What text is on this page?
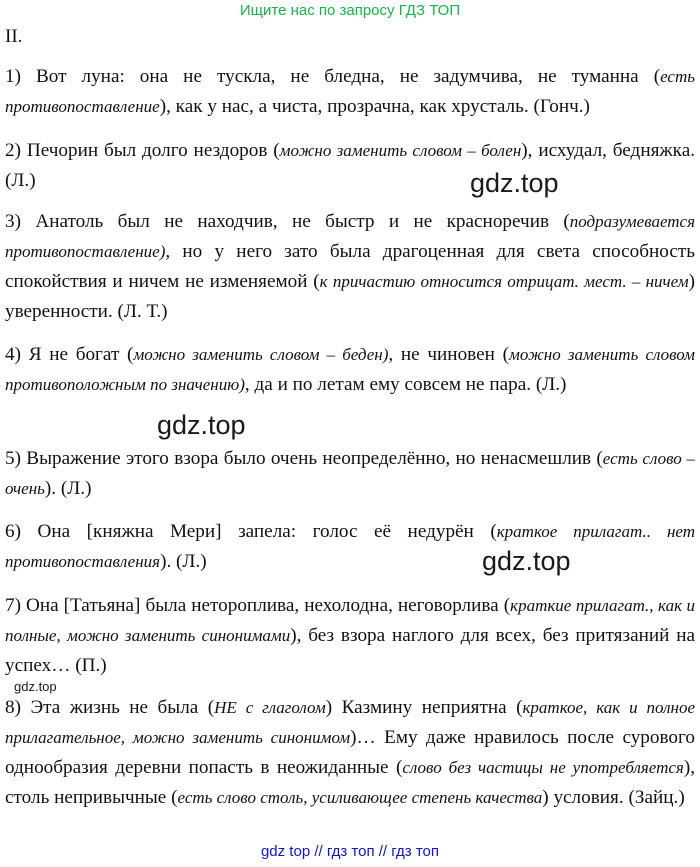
Ищите нас по запросу ГДЗ ТОП
II.
1) Вот луна: она не тускла, не бледна, не задумчива, не туманна (есть противопоставление), как у нас, а чиста, прозрачна, как хрусталь. (Гонч.)
2) Печорин был долго нездоров (можно заменить словом – болен), исхудал, бедняжка. (Л.)
3) Анатоль был не находчив, не быстр и не красноречив (подразумевается противопоставление), но у него зато была драгоценная для света способность спокойствия и ничем не изменяемой (к причастию относится отрицат. мест. – ничем) уверенности. (Л. Т.)
4) Я не богат (можно заменить словом – беден), не чиновен (можно заменить словом противоположным по значению), да и по летам ему совсем не пара. (Л.)
5) Выражение этого взора было очень неопределённо, но ненасмешлив (есть слово – очень). (Л.)
6) Она [княжна Мери] запела: голос её недурён (краткое прилагат.. нет противопоставления). (Л.)
7) Она [Татьяна] была нетороплива, нехолодна, неговорлива (краткие прилагат., как и полные, можно заменить синонимами), без взора наглого для всех, без притязаний на успех… (П.)
8) Эта жизнь не была (НЕ с глаголом) Казмину неприятна (краткое, как и полное прилагательное, можно заменить синонимом)… Ему даже нравилось после сурового однообразия деревни попасть в неожиданные (слово без частицы не употребляется), столь непривычные (есть слово столь, усиливающее степень качества) условия. (Зайц.)
gdz.top
gdz.top
gdz.top
gdz.top
gdz top // гдз топ // гдз топ
